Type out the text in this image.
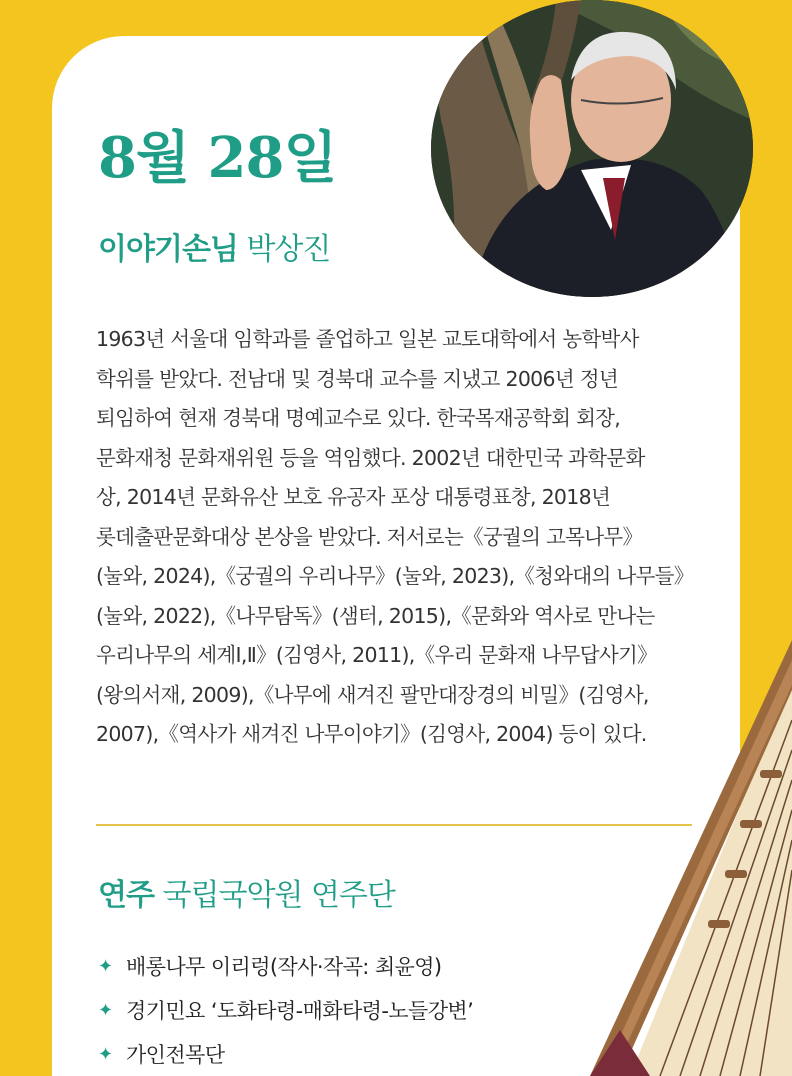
8월 28일
이야기손님 박상진
1963년 서울대 임학과를 졸업하고 일본 교토대학에서 농학박사
학위를 받았다. 전남대 및 경북대 교수를 지냈고 2006년 정년
퇴임하여 현재 경북대 명예교수로 있다. 한국목재공학회 회장,
문화재청 문화재위원 등을 역임했다. 2002년 대한민국 과학문화
상, 2014년 문화유산 보호 유공자 포상 대통령표창, 2018년
롯데출판문화대상 본상을 받았다. 저서로는《궁궐의 고목나무》
(눌와, 2024),《궁궐의 우리나무》(눌와, 2023),《청와대의 나무들》
(눌와, 2022),《나무탐독》(샘터, 2015),《문화와 역사로 만나는
우리나무의 세계Ⅰ,Ⅱ》(김영사, 2011),《우리 문화재 나무답사기》
(왕의서재, 2009),《나무에 새겨진 팔만대장경의 비밀》(김영사,
2007),《역사가 새겨진 나무이야기》(김영사, 2004) 등이 있다.
연주 국립국악원 연주단
✦ 배롱나무 이리렁(작사·작곡: 최윤영)
✦ 경기민요 ‘도화타령-매화타령-노들강변’
✦ 가인전목단
